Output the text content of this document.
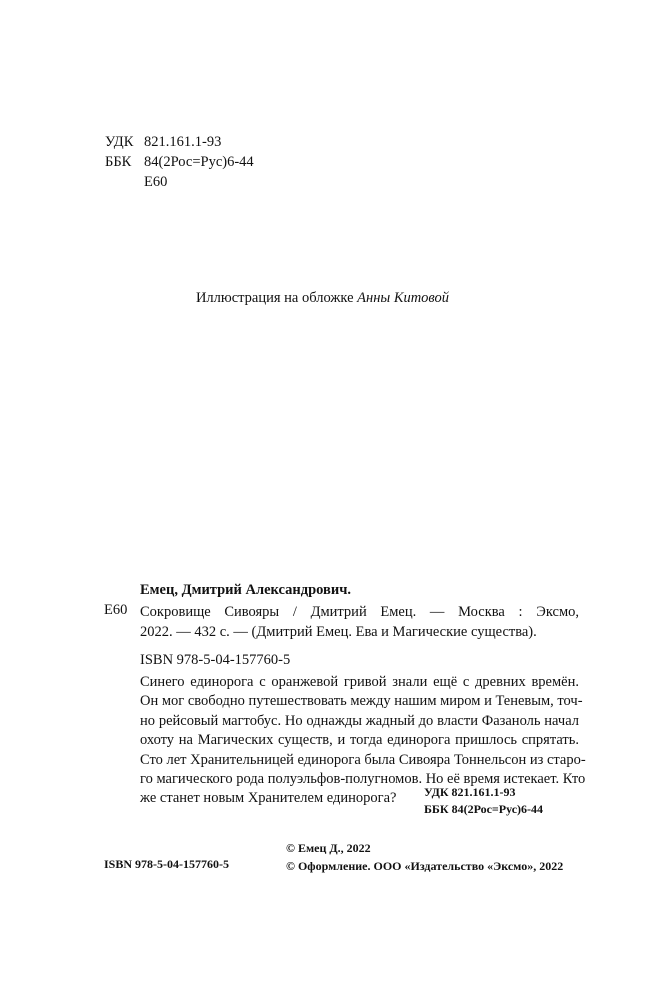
УДК 821.161.1-93
ББК 84(2Рос=Рус)6-44
Е60
Иллюстрация на обложке Анны Китовой
Емец, Дмитрий Александрович.
Е60 Сокровище Сивояры / Дмитрий Емец. — Москва : Эксмо,
2022. — 432 с. — (Дмитрий Емец. Ева и Магические существа).
ISBN 978-5-04-157760-5
Синего единорога с оранжевой гривой знали ещё с древних времён.
Он мог свободно путешествовать между нашим миром и Теневым, точ-
но рейсовый магтобус. Но однажды жадный до власти Фазаноль начал
охоту на Магических существ, и тогда единорога пришлось спрятать.
Сто лет Хранительницей единорога была Сивояра Тоннельсон из старо-
го магического рода полуэльфов-полугномов. Но её время истекает. Кто
же станет новым Хранителем единорога?	УДК 821.161.1-93
ББК 84(2Рос=Рус)6-44
© Емец Д., 2022
© Оформление. ООО «Издательство «Эксмо», 2022
ISBN 978-5-04-157760-5
